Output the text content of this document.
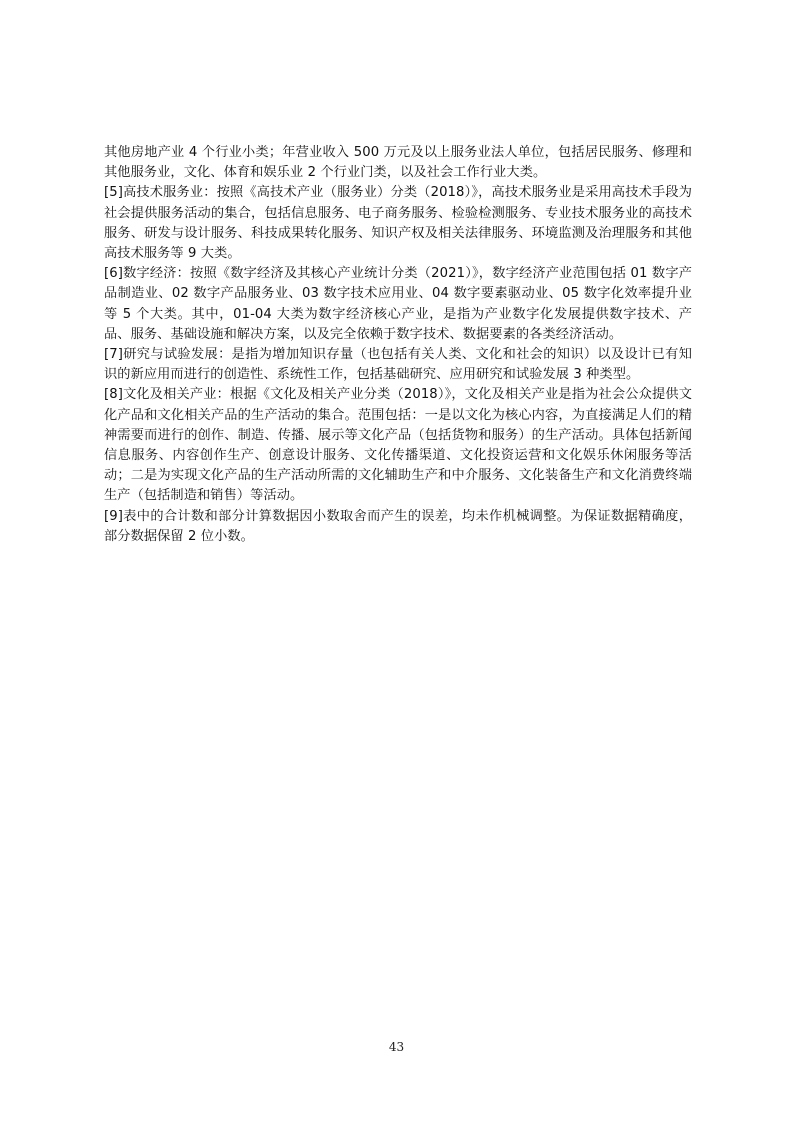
其他房地产业 4 个行业小类；年营业收入 500 万元及以上服务业法人单位，包括居民服务、修理和其他服务业，文化、体育和娱乐业 2 个行业门类，以及社会工作行业大类。

[5]高技术服务业：按照《高技术产业（服务业）分类（2018）》，高技术服务业是采用高技术手段为社会提供服务活动的集合，包括信息服务、电子商务服务、检验检测服务、专业技术服务业的高技术服务、研发与设计服务、科技成果转化服务、知识产权及相关法律服务、环境监测及治理服务和其他高技术服务等 9 大类。

[6]数字经济：按照《数字经济及其核心产业统计分类（2021）》，数字经济产业范围包括 01 数字产品制造业、02 数字产品服务业、03 数字技术应用业、04 数字要素驱动业、05 数字化效率提升业等 5 个大类。其中，01-04 大类为数字经济核心产业，是指为产业数字化发展提供数字技术、产品、服务、基础设施和解决方案，以及完全依赖于数字技术、数据要素的各类经济活动。

[7]研究与试验发展：是指为增加知识存量（也包括有关人类、文化和社会的知识）以及设计已有知识的新应用而进行的创造性、系统性工作，包括基础研究、应用研究和试验发展 3 种类型。

[8]文化及相关产业：根据《文化及相关产业分类（2018）》，文化及相关产业是指为社会公众提供文化产品和文化相关产品的生产活动的集合。范围包括：一是以文化为核心内容，为直接满足人们的精神需要而进行的创作、制造、传播、展示等文化产品（包括货物和服务）的生产活动。具体包括新闻信息服务、内容创作生产、创意设计服务、文化传播渠道、文化投资运营和文化娱乐休闲服务等活动；二是为实现文化产品的生产活动所需的文化辅助生产和中介服务、文化装备生产和文化消费终端生产（包括制造和销售）等活动。

[9]表中的合计数和部分计算数据因小数取舍而产生的误差，均未作机械调整。为保证数据精确度，部分数据保留 2 位小数。

43
